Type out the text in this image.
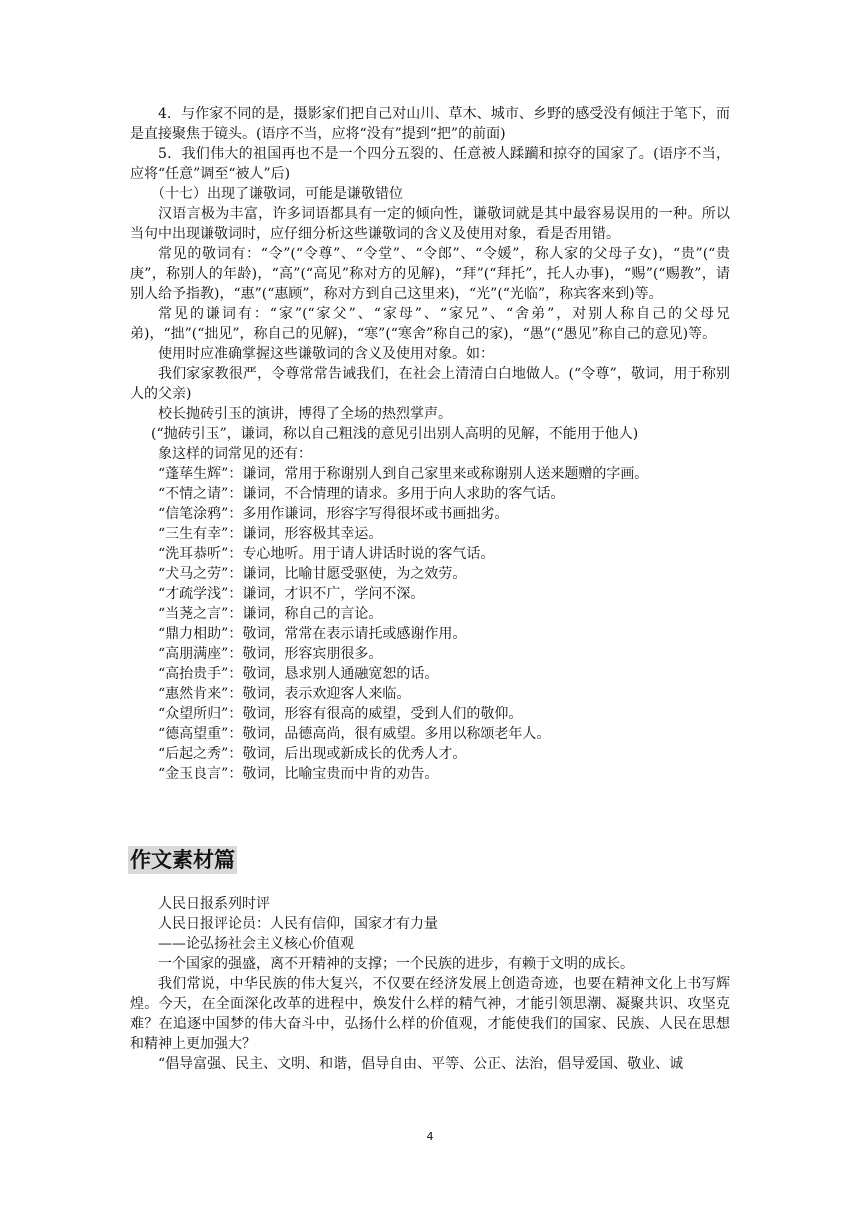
4．与作家不同的是，摄影家们把自己对山川、草木、城市、乡野的感受没有倾注于笔下，而是直接聚焦于镜头。(语序不当，应将“没有”提到“把”的前面)

5．我们伟大的祖国再也不是一个四分五裂的、任意被人蹂躏和掠夺的国家了。(语序不当，应将“任意”调至“被人”后)

（十七）出现了谦敬词，可能是谦敬错位

汉语言极为丰富，许多词语都具有一定的倾向性，谦敬词就是其中最容易误用的一种。所以当句中出现谦敬词时，应仔细分析这些谦敬词的含义及使用对象，看是否用错。

常见的敬词有：“令”(“令尊”、“令堂”、“令郎”、“令媛”，称人家的父母子女)，“贵”(“贵庚”，称别人的年龄)，“高”(“高见”称对方的见解)，“拜”(“拜托”，托人办事)，“赐”(“赐教”，请别人给予指教)，“惠”(“惠顾”，称对方到自己这里来)，“光”(“光临”，称宾客来到)等。

常见的谦词有：“家”(“家父”、“家母”、“家兄”、“舍弟”，对别人称自己的父母兄弟)，“拙”(“拙见”，称自己的见解)，“寒”(“寒舍”称自己的家)，“愚”(“愚见”称自己的意见)等。

使用时应准确掌握这些谦敬词的含义及使用对象。如：

我们家家教很严，令尊常常告诫我们，在社会上清清白白地做人。(“令尊”，敬词，用于称别人的父亲)

校长抛砖引玉的演讲，博得了全场的热烈掌声。

(“抛砖引玉”，谦词，称以自己粗浅的意见引出别人高明的见解，不能用于他人)

象这样的词常见的还有：

“蓬荜生辉”：谦词，常用于称谢别人到自己家里来或称谢别人送来题赠的字画。

“不情之请”：谦词，不合情理的请求。多用于向人求助的客气话。

“信笔涂鸦”：多用作谦词，形容字写得很坏或书画拙劣。

“三生有幸”：谦词，形容极其幸运。

“洗耳恭听”：专心地听。用于请人讲话时说的客气话。

“犬马之劳”：谦词，比喻甘愿受驱使，为之效劳。

“才疏学浅”：谦词，才识不广，学问不深。

“当荛之言”：谦词，称自己的言论。

“鼎力相助”：敬词，常常在表示请托或感谢作用。

“高朋满座”：敬词，形容宾朋很多。

“高抬贵手”：敬词，恳求别人通融宽恕的话。

“惠然肯来”：敬词，表示欢迎客人来临。

“众望所归”：敬词，形容有很高的威望，受到人们的敬仰。

“德高望重”：敬词，品德高尚，很有威望。多用以称颂老年人。

“后起之秀”：敬词，后出现或新成长的优秀人才。

“金玉良言”：敬词，比喻宝贵而中肯的劝告。

作文素材篇

人民日报系列时评

人民日报评论员：人民有信仰，国家才有力量

——论弘扬社会主义核心价值观

一个国家的强盛，离不开精神的支撑；一个民族的进步，有赖于文明的成长。

我们常说，中华民族的伟大复兴，不仅要在经济发展上创造奇迹，也要在精神文化上书写辉煌。今天，在全面深化改革的进程中，焕发什么样的精气神，才能引领思潮、凝聚共识、攻坚克难？在追逐中国梦的伟大奋斗中，弘扬什么样的价值观，才能使我们的国家、民族、人民在思想和精神上更加强大？

“倡导富强、民主、文明、和谐，倡导自由、平等、公正、法治，倡导爱国、敬业、诚

4
